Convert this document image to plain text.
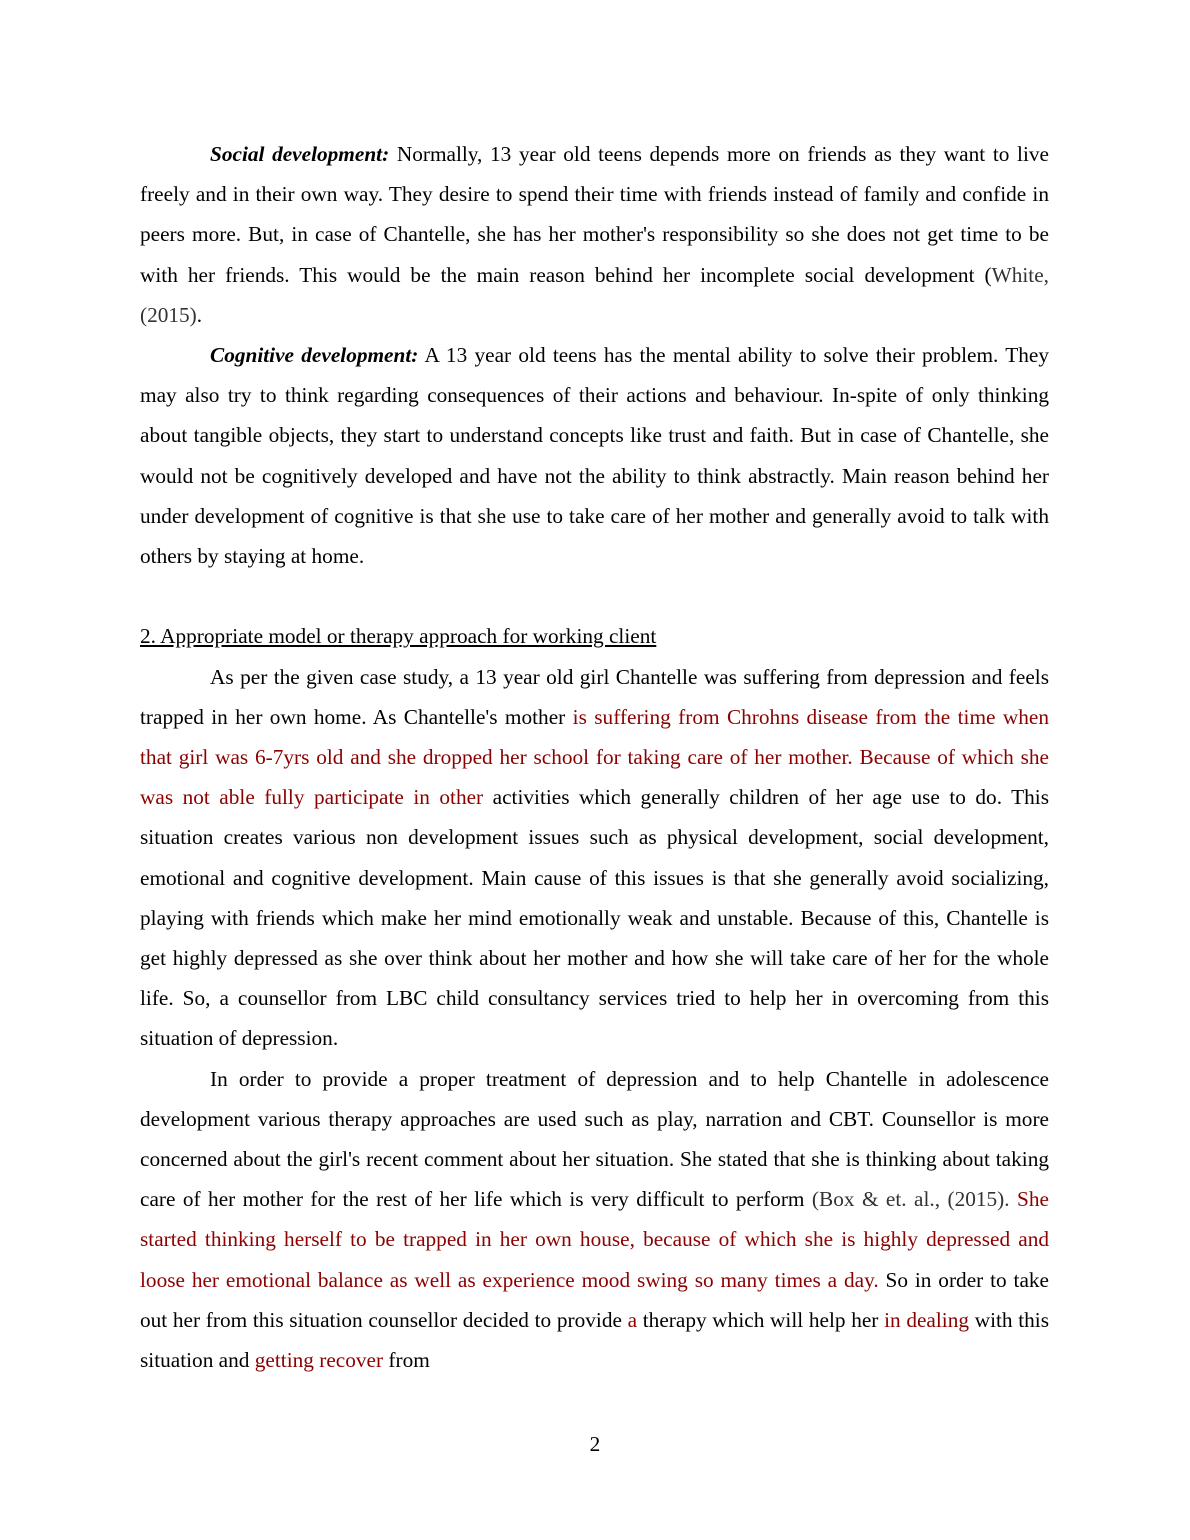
Social development: Normally, 13 year old teens depends more on friends as they want to live freely and in their own way. They desire to spend their time with friends instead of family and confide in peers more. But, in case of Chantelle, she has her mother's responsibility so she does not get time to be with her friends. This would be the main reason behind her incomplete social development (White, (2015).

Cognitive development: A 13 year old teens has the mental ability to solve their problem. They may also try to think regarding consequences of their actions and behaviour. In-spite of only thinking about tangible objects, they start to understand concepts like trust and faith. But in case of Chantelle, she would not be cognitively developed and have not the ability to think abstractly. Main reason behind her under development of cognitive is that she use to take care of her mother and generally avoid to talk with others by staying at home.

2. Appropriate model or therapy approach for working client

As per the given case study, a 13 year old girl Chantelle was suffering from depression and feels trapped in her own home. As Chantelle's mother is suffering from Chrohns disease from the time when that girl was 6-7yrs old and she dropped her school for taking care of her mother. Because of which she was not able fully participate in other activities which generally children of her age use to do. This situation creates various non development issues such as physical development, social development, emotional and cognitive development. Main cause of this issues is that she generally avoid socializing, playing with friends which make her mind emotionally weak and unstable. Because of this, Chantelle is get highly depressed as she over think about her mother and how she will take care of her for the whole life. So, a counsellor from LBC child consultancy services tried to help her in overcoming from this situation of depression.

In order to provide a proper treatment of depression and to help Chantelle in adolescence development various therapy approaches are used such as play, narration and CBT. Counsellor is more concerned about the girl's recent comment about her situation. She stated that she is thinking about taking care of her mother for the rest of her life which is very difficult to perform (Box & et. al., (2015). She started thinking herself to be trapped in her own house, because of which she is highly depressed and loose her emotional balance as well as experience mood swing so many times a day. So in order to take out her from this situation counsellor decided to provide a therapy which will help her in dealing with this situation and getting recover from

2
